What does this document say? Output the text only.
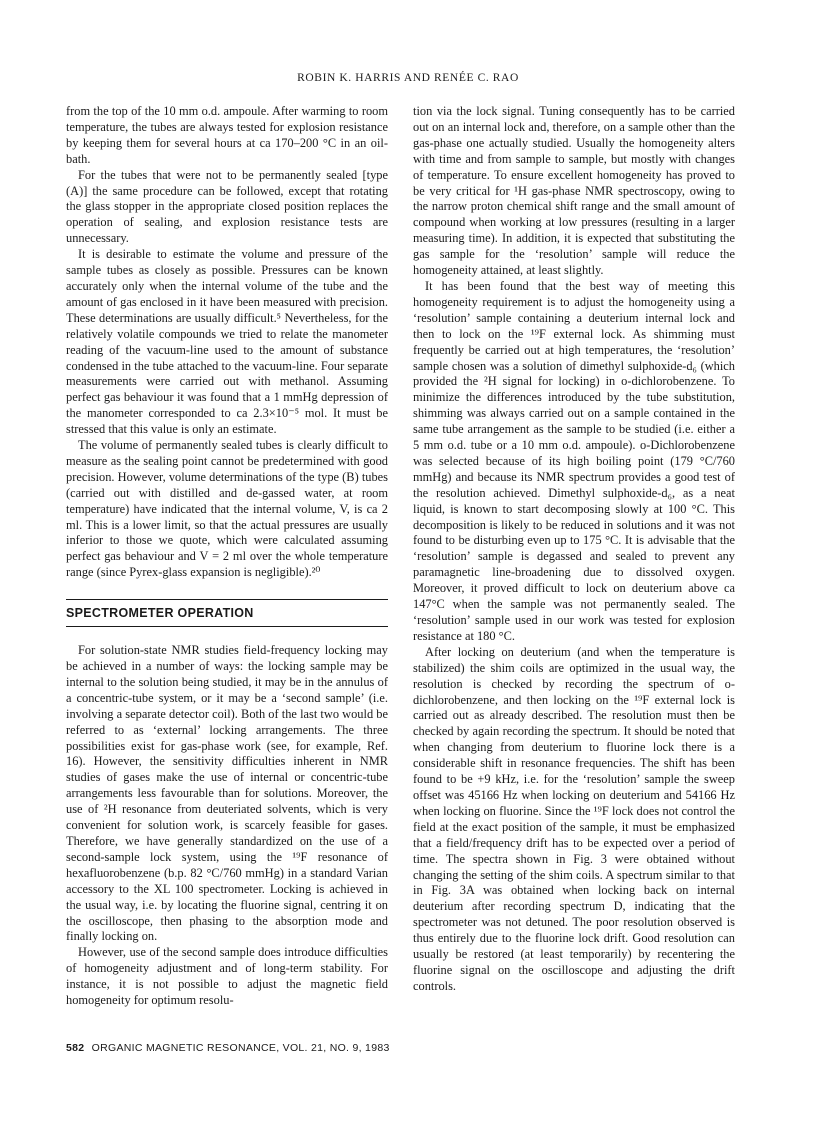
ROBIN K. HARRIS AND RENÉE C. RAO

from the top of the 10 mm o.d. ampoule. After warming to room temperature, the tubes are always tested for explosion resistance by keeping them for several hours at ca 170–200 °C in an oil-bath.

For the tubes that were not to be permanently sealed [type (A)] the same procedure can be followed, except that rotating the glass stopper in the appropriate closed position replaces the operation of sealing, and explosion resistance tests are unnecessary.

It is desirable to estimate the volume and pressure of the sample tubes as closely as possible. Pressures can be known accurately only when the internal volume of the tube and the amount of gas enclosed in it have been measured with precision. These determinations are usually difficult.⁵ Nevertheless, for the relatively volatile compounds we tried to relate the manometer reading of the vacuum-line used to the amount of substance condensed in the tube attached to the vacuum-line. Four separate measurements were carried out with methanol. Assuming perfect gas behaviour it was found that a 1 mmHg depression of the manometer corresponded to ca 2.3×10⁻⁵ mol. It must be stressed that this value is only an estimate.

The volume of permanently sealed tubes is clearly difficult to measure as the sealing point cannot be predetermined with good precision. However, volume determinations of the type (B) tubes (carried out with distilled and de-gassed water, at room temperature) have indicated that the internal volume, V, is ca 2 ml. This is a lower limit, so that the actual pressures are usually inferior to those we quote, which were calculated assuming perfect gas behaviour and V = 2 ml over the whole temperature range (since Pyrex-glass expansion is negligible).²⁰

SPECTROMETER OPERATION

For solution-state NMR studies field-frequency locking may be achieved in a number of ways: the locking sample may be internal to the solution being studied, it may be in the annulus of a concentric-tube system, or it may be a ‘second sample’ (i.e. involving a separate detector coil). Both of the last two would be referred to as ‘external’ locking arrangements. The three possibilities exist for gas-phase work (see, for example, Ref. 16). However, the sensitivity difficulties inherent in NMR studies of gases make the use of internal or concentric-tube arrangements less favourable than for solutions. Moreover, the use of ²H resonance from deuteriated solvents, which is very convenient for solution work, is scarcely feasible for gases. Therefore, we have generally standardized on the use of a second-sample lock system, using the ¹⁹F resonance of hexafluorobenzene (b.p. 82 °C/760 mmHg) in a standard Varian accessory to the XL 100 spectrometer. Locking is achieved in the usual way, i.e. by locating the fluorine signal, centring it on the oscilloscope, then phasing to the absorption mode and finally locking on.

However, use of the second sample does introduce difficulties of homogeneity adjustment and of long-term stability. For instance, it is not possible to adjust the magnetic field homogeneity for optimum resolu-

tion via the lock signal. Tuning consequently has to be carried out on an internal lock and, therefore, on a sample other than the gas-phase one actually studied. Usually the homogeneity alters with time and from sample to sample, but mostly with changes of temperature. To ensure excellent homogeneity has proved to be very critical for ¹H gas-phase NMR spectroscopy, owing to the narrow proton chemical shift range and the small amount of compound when working at low pressures (resulting in a larger measuring time). In addition, it is expected that substituting the gas sample for the ‘resolution’ sample will reduce the homogeneity attained, at least slightly.

It has been found that the best way of meeting this homogeneity requirement is to adjust the homogeneity using a ‘resolution’ sample containing a deuterium internal lock and then to lock on the ¹⁹F external lock. As shimming must frequently be carried out at high temperatures, the ‘resolution’ sample chosen was a solution of dimethyl sulphoxide-d₆ (which provided the ²H signal for locking) in o-dichlorobenzene. To minimize the differences introduced by the tube substitution, shimming was always carried out on a sample contained in the same tube arrangement as the sample to be studied (i.e. either a 5 mm o.d. tube or a 10 mm o.d. ampoule). o-Dichlorobenzene was selected because of its high boiling point (179 °C/760 mmHg) and because its NMR spectrum provides a good test of the resolution achieved. Dimethyl sulphoxide-d₆, as a neat liquid, is known to start decomposing slowly at 100 °C. This decomposition is likely to be reduced in solutions and it was not found to be disturbing even up to 175 °C. It is advisable that the ‘resolution’ sample is degassed and sealed to prevent any paramagnetic line-broadening due to dissolved oxygen. Moreover, it proved difficult to lock on deuterium above ca 147°C when the sample was not permanently sealed. The ‘resolution’ sample used in our work was tested for explosion resistance at 180 °C.

After locking on deuterium (and when the temperature is stabilized) the shim coils are optimized in the usual way, the resolution is checked by recording the spectrum of o-dichlorobenzene, and then locking on the ¹⁹F external lock is carried out as already described. The resolution must then be checked by again recording the spectrum. It should be noted that when changing from deuterium to fluorine lock there is a considerable shift in resonance frequencies. The shift has been found to be +9 kHz, i.e. for the ‘resolution’ sample the sweep offset was 45166 Hz when locking on deuterium and 54166 Hz when locking on fluorine. Since the ¹⁹F lock does not control the field at the exact position of the sample, it must be emphasized that a field/frequency drift has to be expected over a period of time. The spectra shown in Fig. 3 were obtained without changing the setting of the shim coils. A spectrum similar to that in Fig. 3A was obtained when locking back on internal deuterium after recording spectrum D, indicating that the spectrometer was not detuned. The poor resolution observed is thus entirely due to the fluorine lock drift. Good resolution can usually be restored (at least temporarily) by recentering the fluorine signal on the oscilloscope and adjusting the drift controls.

582 ORGANIC MAGNETIC RESONANCE, VOL. 21, NO. 9, 1983
